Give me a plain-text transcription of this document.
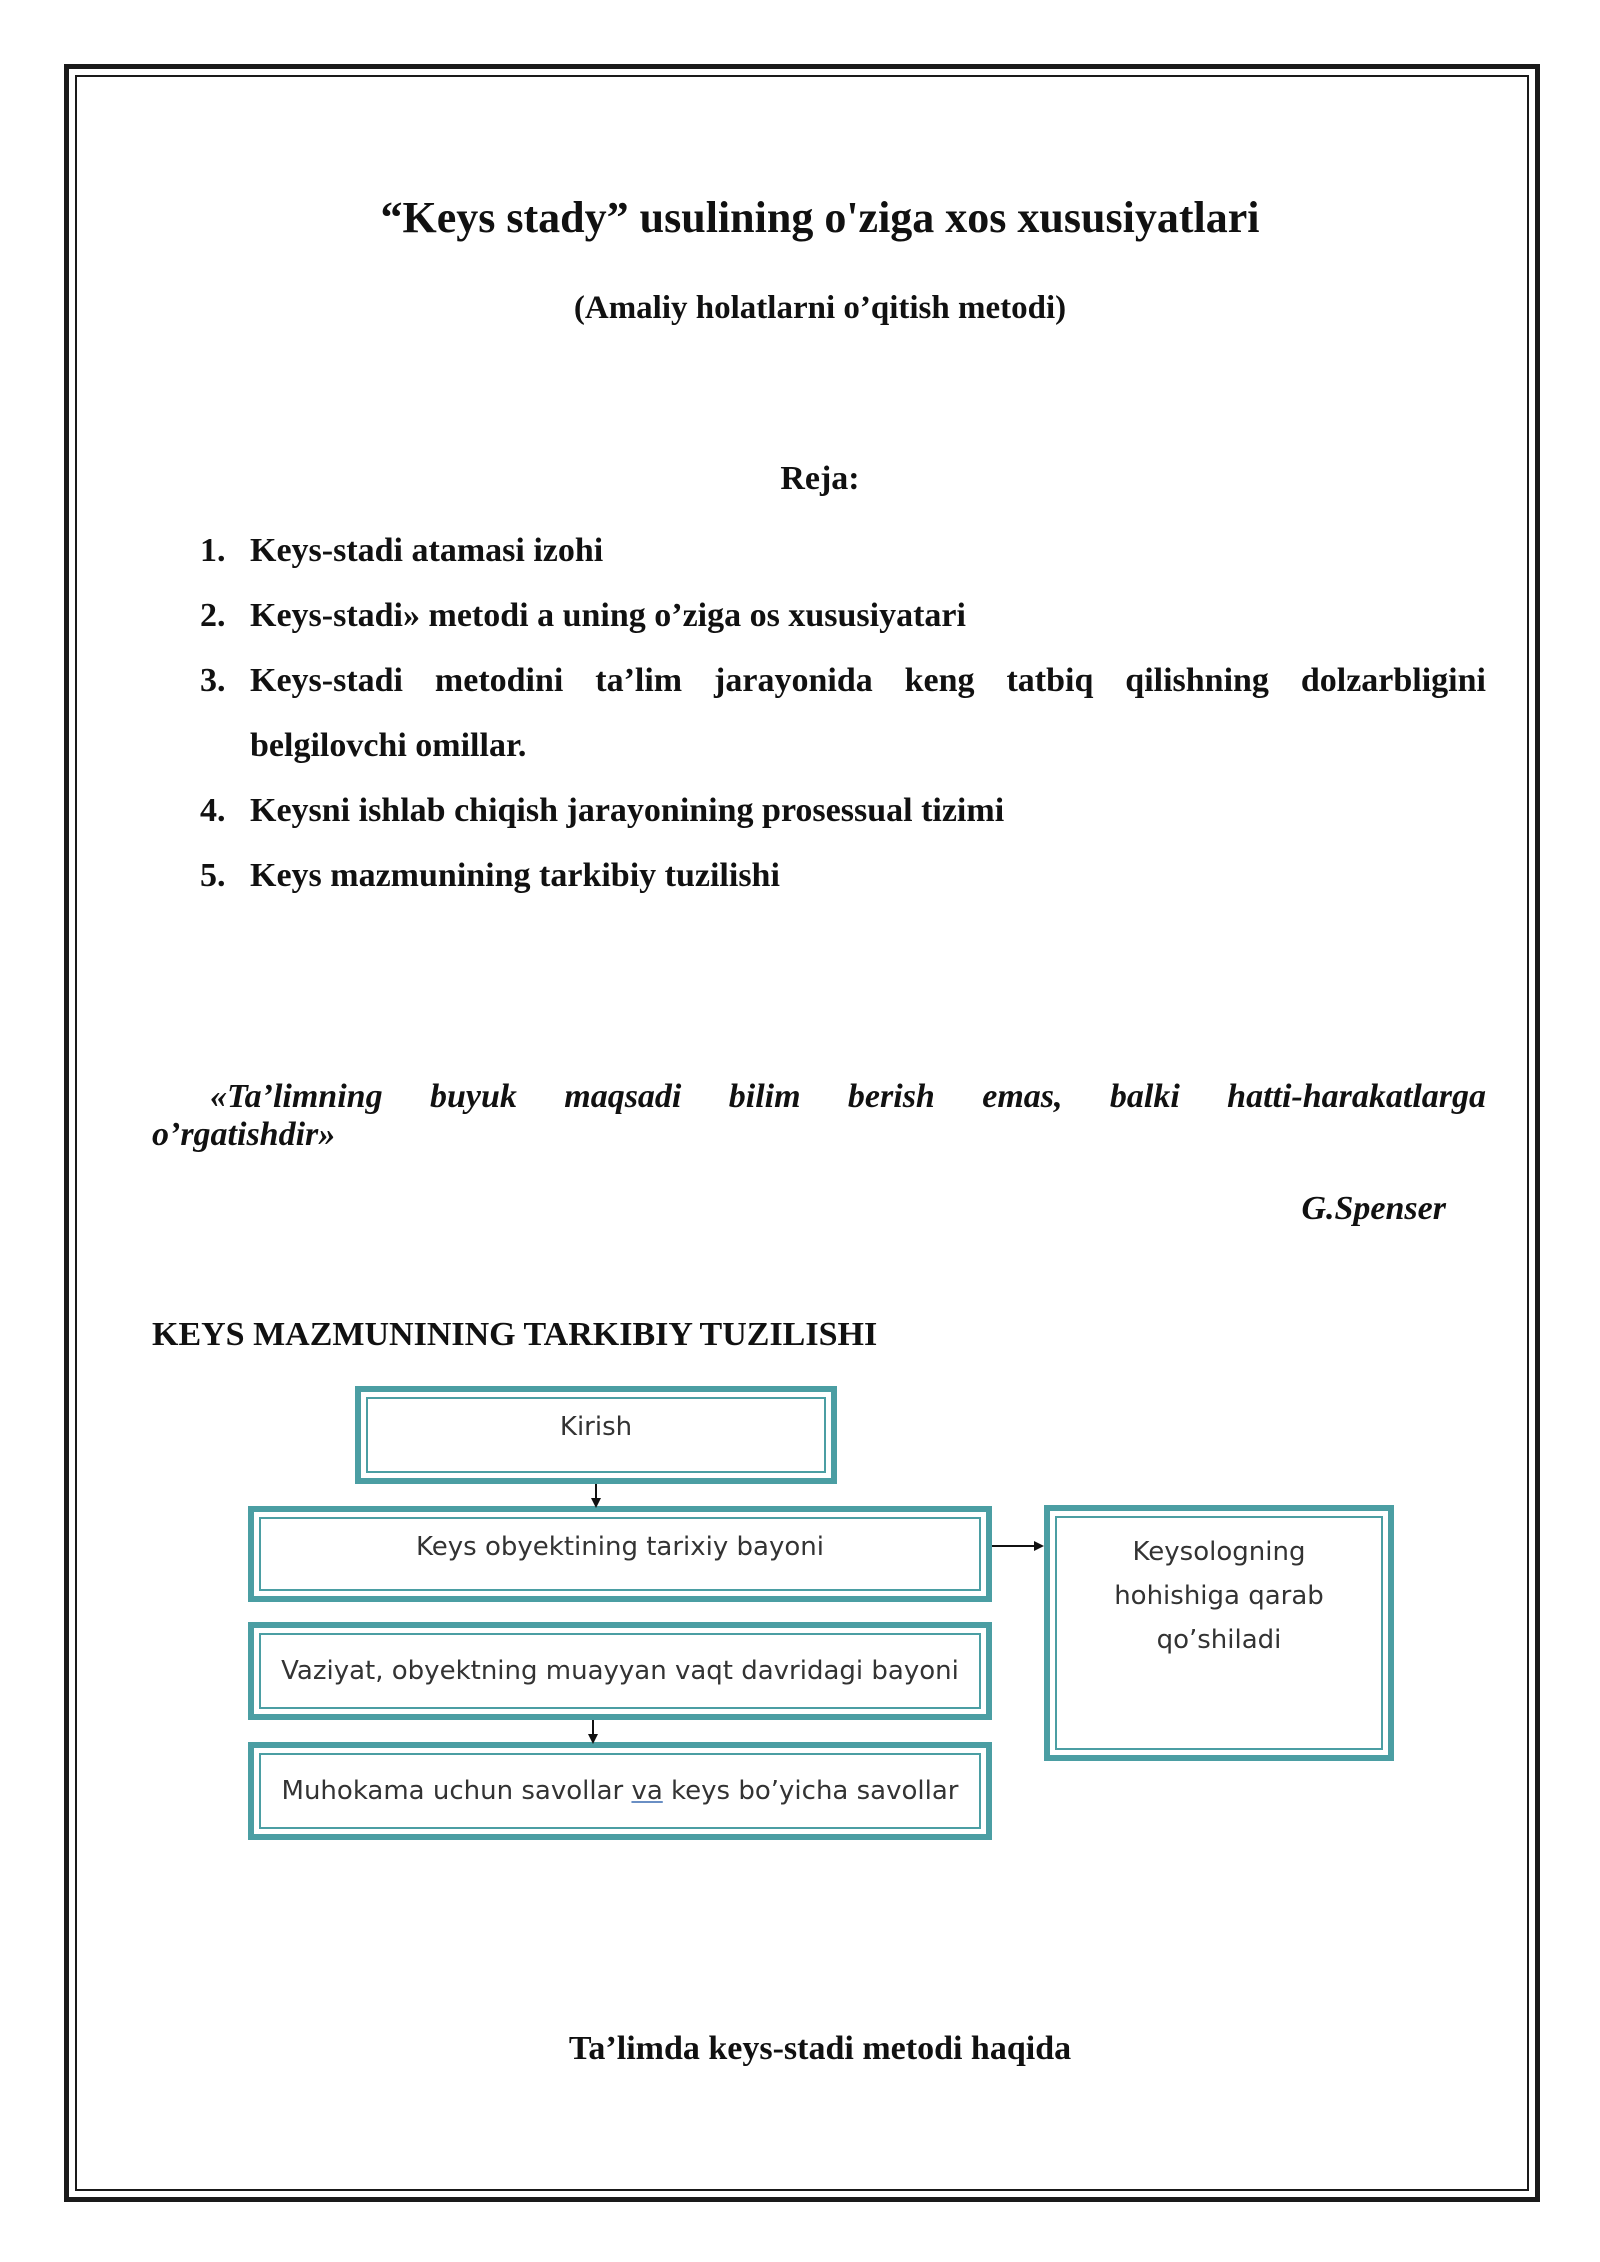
“Keys stady” usulining o'ziga xos xususiyatlari
(Amaliy holatlarni o’qitish metodi)
Reja:
1. Keys-stadi atamasi izohi
2. Keys-stadi» metodi a uning o’ziga os xususiyatari
3. Keys-stadi metodini ta’lim jarayonida keng tatbiq qilishning dolzarbligini belgilovchi omillar.
4. Keysni ishlab chiqish jarayonining prosessual tizimi
5. Keys mazmunining tarkibiy tuzilishi

«Ta’limning buyuk maqsadi bilim berish emas, balki hatti-harakatlarga
o’rgatishdir»

G.Spenser
KEYS MAZMUNINING TARKIBIY TUZILISHI
Kirish
Keys obyektining tarixiy bayoni
Vaziyat, obyektning muayyan vaqt davridagi bayoni
Muhokama uchun savollar va keys bo’yicha savollar
Keysologning
hohishiga qarab
qo’shiladi
Ta’limda keys-stadi metodi haqida
